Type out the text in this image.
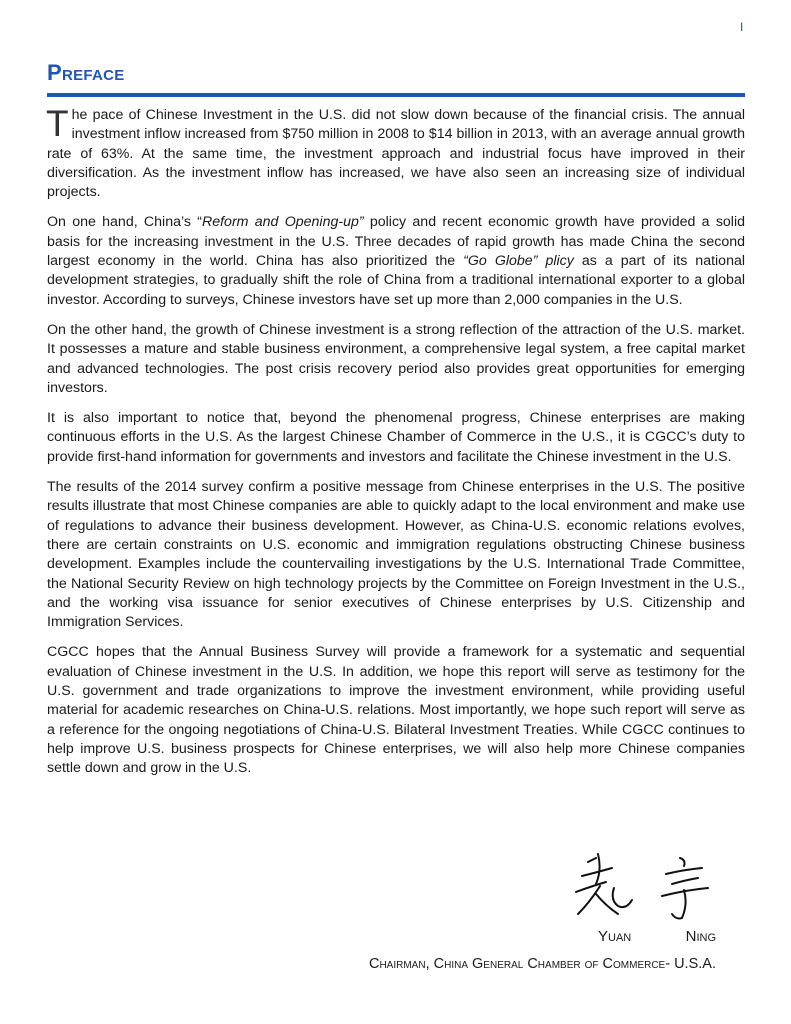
I
Preface

The pace of Chinese Investment in the U.S. did not slow down because of the financial crisis. The annual investment inflow increased from $750 million in 2008 to $14 billion in 2013, with an average annual growth rate of 63%. At the same time, the investment approach and industrial focus have improved in their diversification. As the investment inflow has increased, we have also seen an increasing size of individual projects.

On one hand, China’s “Reform and Opening-up” policy and recent economic growth have provided a solid basis for the increasing investment in the U.S. Three decades of rapid growth has made China the second largest economy in the world. China has also prioritized the “Go Globe” plicy as a part of its national development strategies, to gradually shift the role of China from a traditional international exporter to a global investor. According to surveys, Chinese investors have set up more than 2,000 companies in the U.S.

On the other hand, the growth of Chinese investment is a strong reflection of the attraction of the U.S. market. It possesses a mature and stable business environment, a comprehensive legal system, a free capital market and advanced technologies. The post crisis recovery period also provides great opportunities for emerging investors.

It is also important to notice that, beyond the phenomenal progress, Chinese enterprises are making continuous efforts in the U.S. As the largest Chinese Chamber of Commerce in the U.S., it is CGCC’s duty to provide first-hand information for governments and investors and facilitate the Chinese investment in the U.S.

The results of the 2014 survey confirm a positive message from Chinese enterprises in the U.S. The positive results illustrate that most Chinese companies are able to quickly adapt to the local environment and make use of regulations to advance their business development. However, as China-U.S. economic relations evolves, there are certain constraints on U.S. economic and immigration regulations obstructing Chinese business development. Examples include the countervailing investigations by the U.S. International Trade Committee, the National Security Review on high technology projects by the Committee on Foreign Investment in the U.S., and the working visa issuance for senior executives of Chinese enterprises by U.S. Citizenship and Immigration Services.

CGCC hopes that the Annual Business Survey will provide a framework for a systematic and sequential evaluation of Chinese investment in the U.S. In addition, we hope this report will serve as testimony for the U.S. government and trade organizations to improve the investment environment, while providing useful material for academic researches on China-U.S. relations. Most importantly, we hope such report will serve as a reference for the ongoing negotiations of China-U.S. Bilateral Investment Treaties. While CGCC continues to help improve U.S. business prospects for Chinese enterprises, we will also help more Chinese companies settle down and grow in the U.S.

Yuan	Ning
Chairman, China General Chamber of Commerce- U.S.A.
